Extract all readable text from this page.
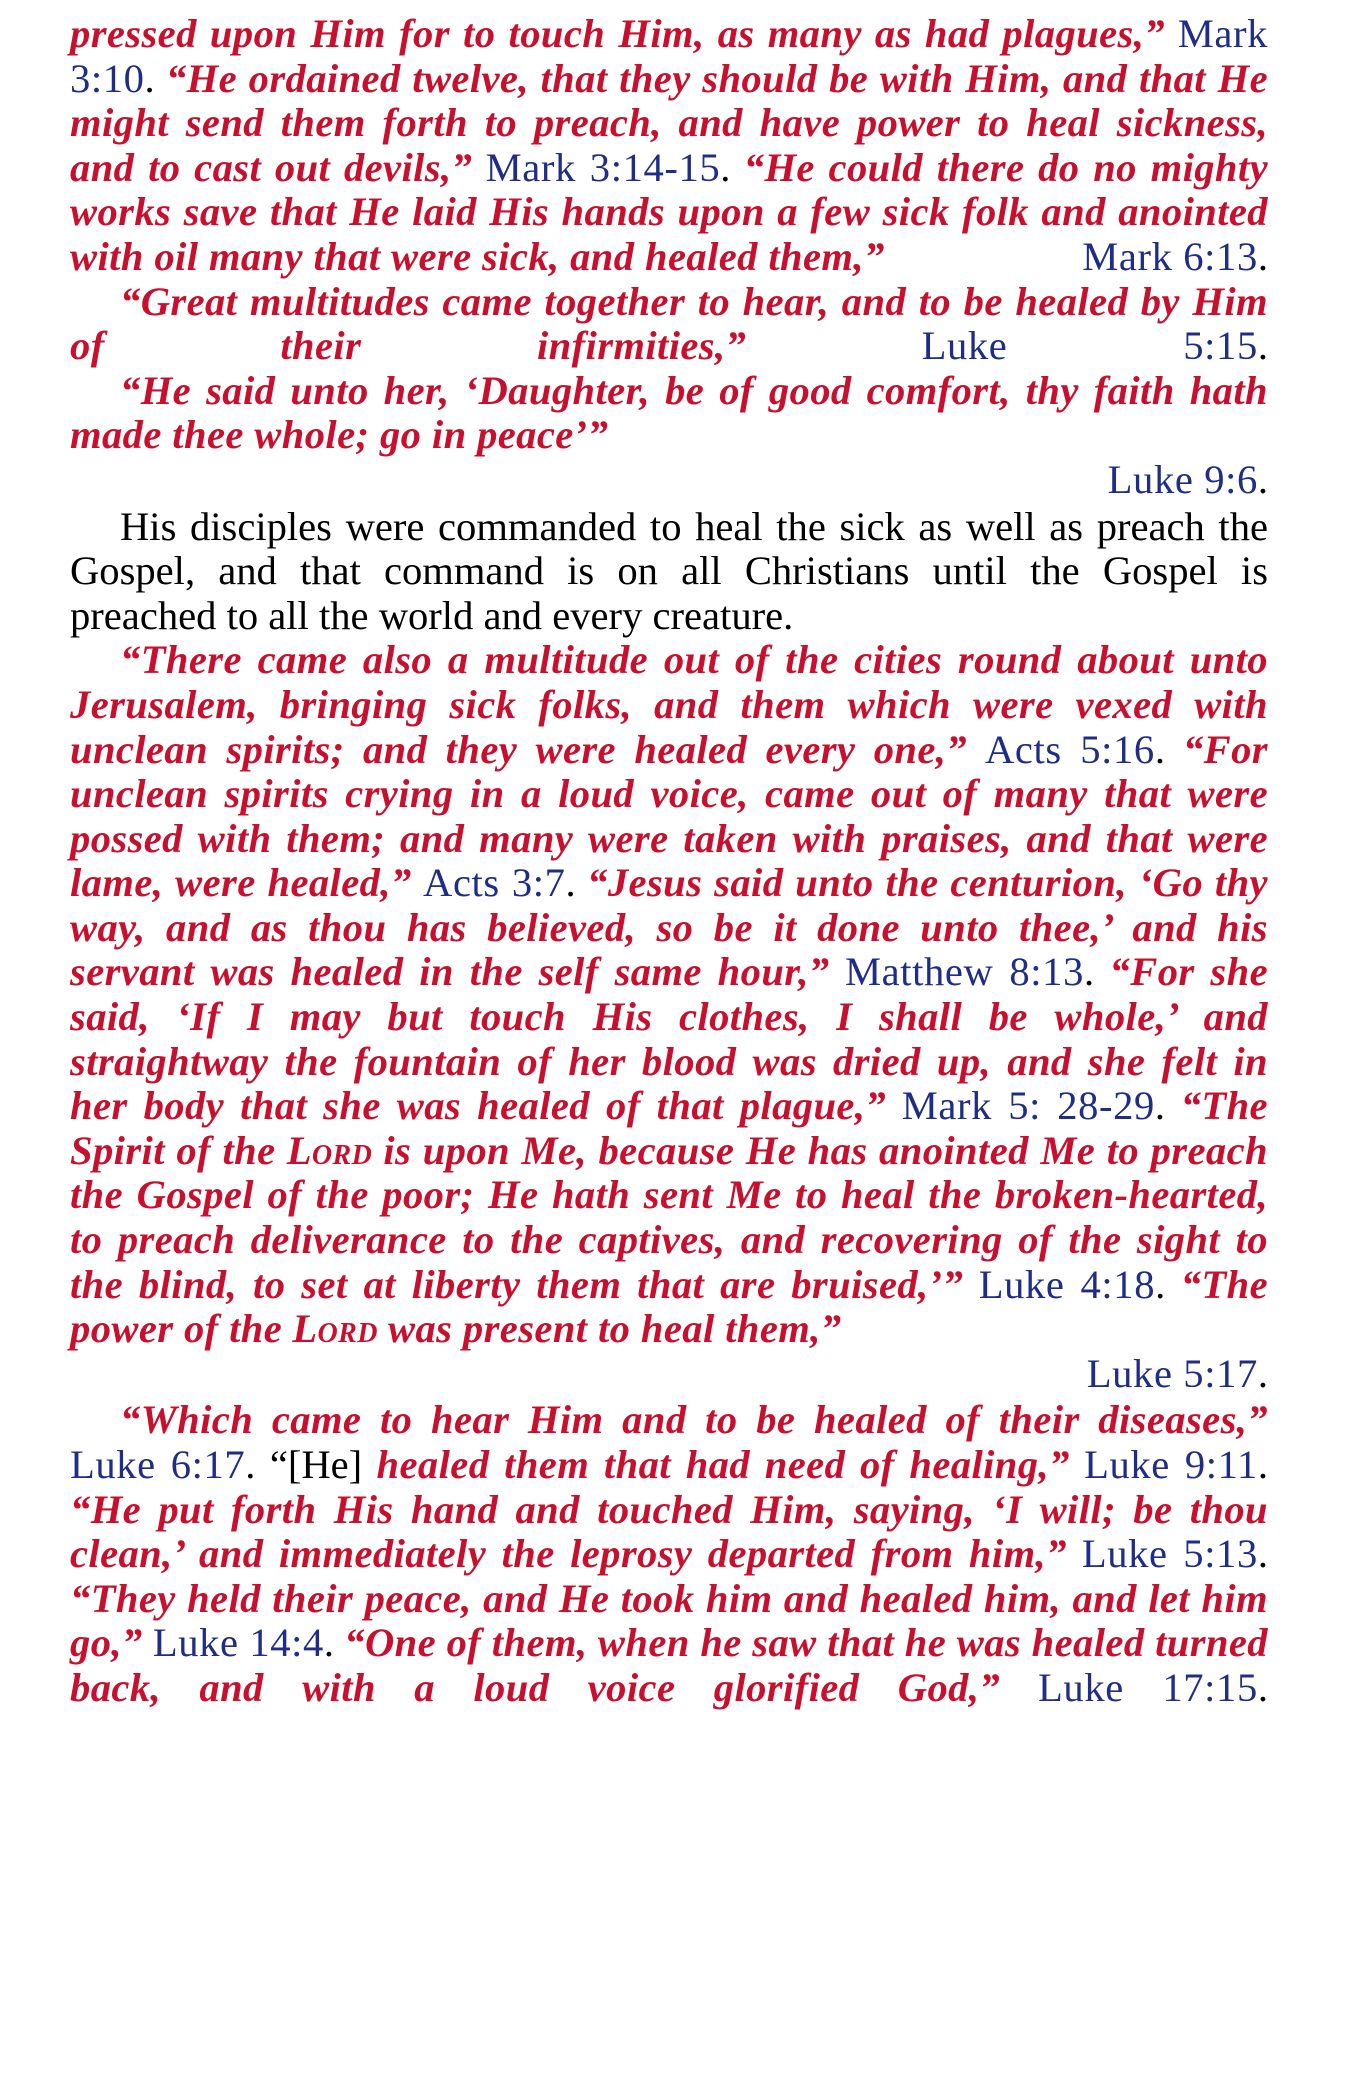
pressed upon Him for to touch Him, as many as had plagues,” Mark 3:10. “He ordained twelve, that they should be with Him, and that He might send them forth to preach, and have power to heal sickness, and to cast out devils,” Mark 3:14-15. “He could there do no mighty works save that He laid His hands upon a few sick folk and anointed with oil many that were sick, and healed them,”	Mark 6:13.

“Great multitudes came together to hear, and to be healed by Him of their infirmities,”	Luke 5:15.

“He said unto her, ‘Daughter, be of good comfort, thy faith hath made thee whole; go in peace’”

Luke 9:6.

His disciples were commanded to heal the sick as well as preach the Gospel, and that command is on all Christians until the Gospel is preached to all the world and every creature.

“There came also a multitude out of the cities round about unto Jerusalem, bringing sick folks, and them which were vexed with unclean spirits; and they were healed every one,” Acts 5:16. “For unclean spirits crying in a loud voice, came out of many that were possed with them; and many were taken with praises, and that were lame, were healed,” Acts 3:7. “Jesus said unto the centurion, ‘Go thy way, and as thou has believed, so be it done unto thee,’ and his servant was healed in the self same hour,” Matthew 8:13. “For she said, ‘If I may but touch His clothes, I shall be whole,’ and straightway the fountain of her blood was dried up, and she felt in her body that she was healed of that plague,” Mark 5: 28-29. “The Spirit of the Lord is upon Me, because He has anointed Me to preach the Gospel of the poor; He hath sent Me to heal the broken-hearted, to preach deliverance to the captives, and recovering of the sight to the blind, to set at liberty them that are bruised,’” Luke 4:18. “The power of the Lord was present to heal them,”

Luke 5:17.

“Which came to hear Him and to be healed of their diseases,” Luke 6:17. “[He] healed them that had need of healing,” Luke 9:11. “He put forth His hand and touched Him, saying, ‘I will; be thou clean,’ and immediately the leprosy departed from him,” Luke 5:13. “They held their peace, and He took him and healed him, and let him go,” Luke 14:4. “One of them, when he saw that he was healed turned back, and with a loud voice glorified God,” Luke 17:15.
